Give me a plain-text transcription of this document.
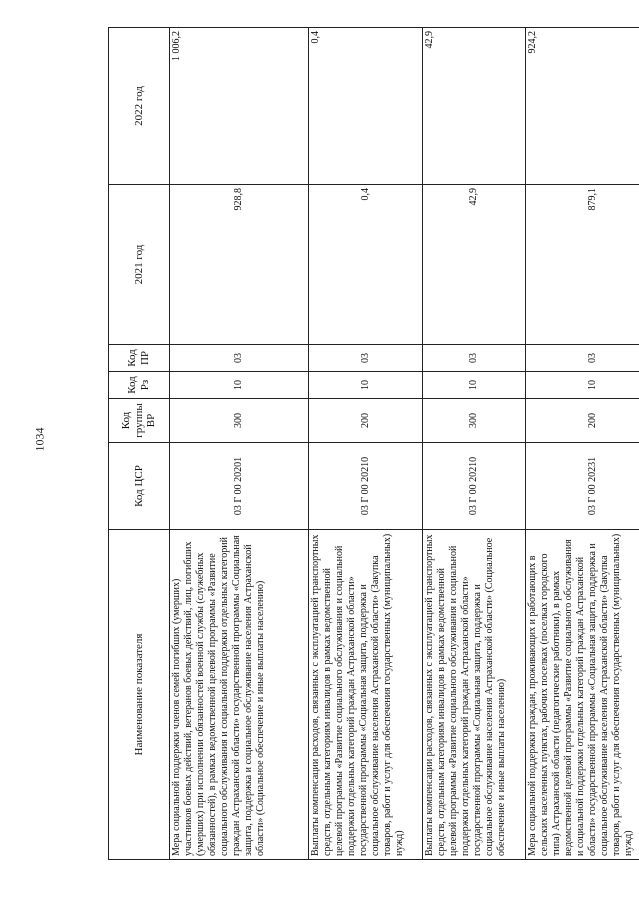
1034
Наименование показателя	Код ЦСР	Код группы ВР	Код Рз	Код ПР	2021 год	2022 год
Мера социальной поддержки членов семей погибших (умерших) участников боевых действий, ветеранов боевых действий, лиц, погибших (умерших) при исполнении обязанностей военной службы (служебных обязанностей), в рамках ведомственной целевой программы «Развитие социального обслуживания и социальной поддержки отдельных категорий граждан Астраханской области» государственной программы «Социальная защита, поддержка и социальное обслуживание населения Астраханской области» (Социальное обеспечение и иные выплаты населению)	03 Г 00 20201	300	10	03	928,8	1 006,2
Выплаты компенсации расходов, связанных с эксплуатацией транспортных средств, отдельным категориям инвалидов в рамках ведомственной целевой программы «Развитие социального обслуживания и социальной поддержки отдельных категорий граждан Астраханской области» государственной программы «Социальная защита, поддержка и социальное обслуживание населения Астраханской области» (Закупка товаров, работ и услуг для обеспечения государственных (муниципальных) нужд)	03 Г 00 20210	200	10	03	0,4	0,4
Выплаты компенсации расходов, связанных с эксплуатацией транспортных средств, отдельным категориям инвалидов в рамках ведомственной целевой программы «Развитие социального обслуживания и социальной поддержки отдельных категорий граждан Астраханской области» государственной программы «Социальная защита, поддержка и социальное обслуживание населения Астраханской области» (Социальное обеспечение и иные выплаты населению)	03 Г 00 20210	300	10	03	42,9	42,9
Мера социальной поддержки граждан, проживающих и работающих в сельских населенных пунктах, рабочих поселках (поселках городского типа) Астраханской области (педагогические работники), в рамках ведомственной целевой программы «Развитие социального обслуживания и социальной поддержки отдельных категорий граждан Астраханской области» государственной программы «Социальная защита, поддержка и социальное обслуживание населения Астраханской области» (Закупка товаров, работ и услуг для обеспечения государственных (муниципальных) нужд)	03 Г 00 20231	200	10	03	879,1	924,2
